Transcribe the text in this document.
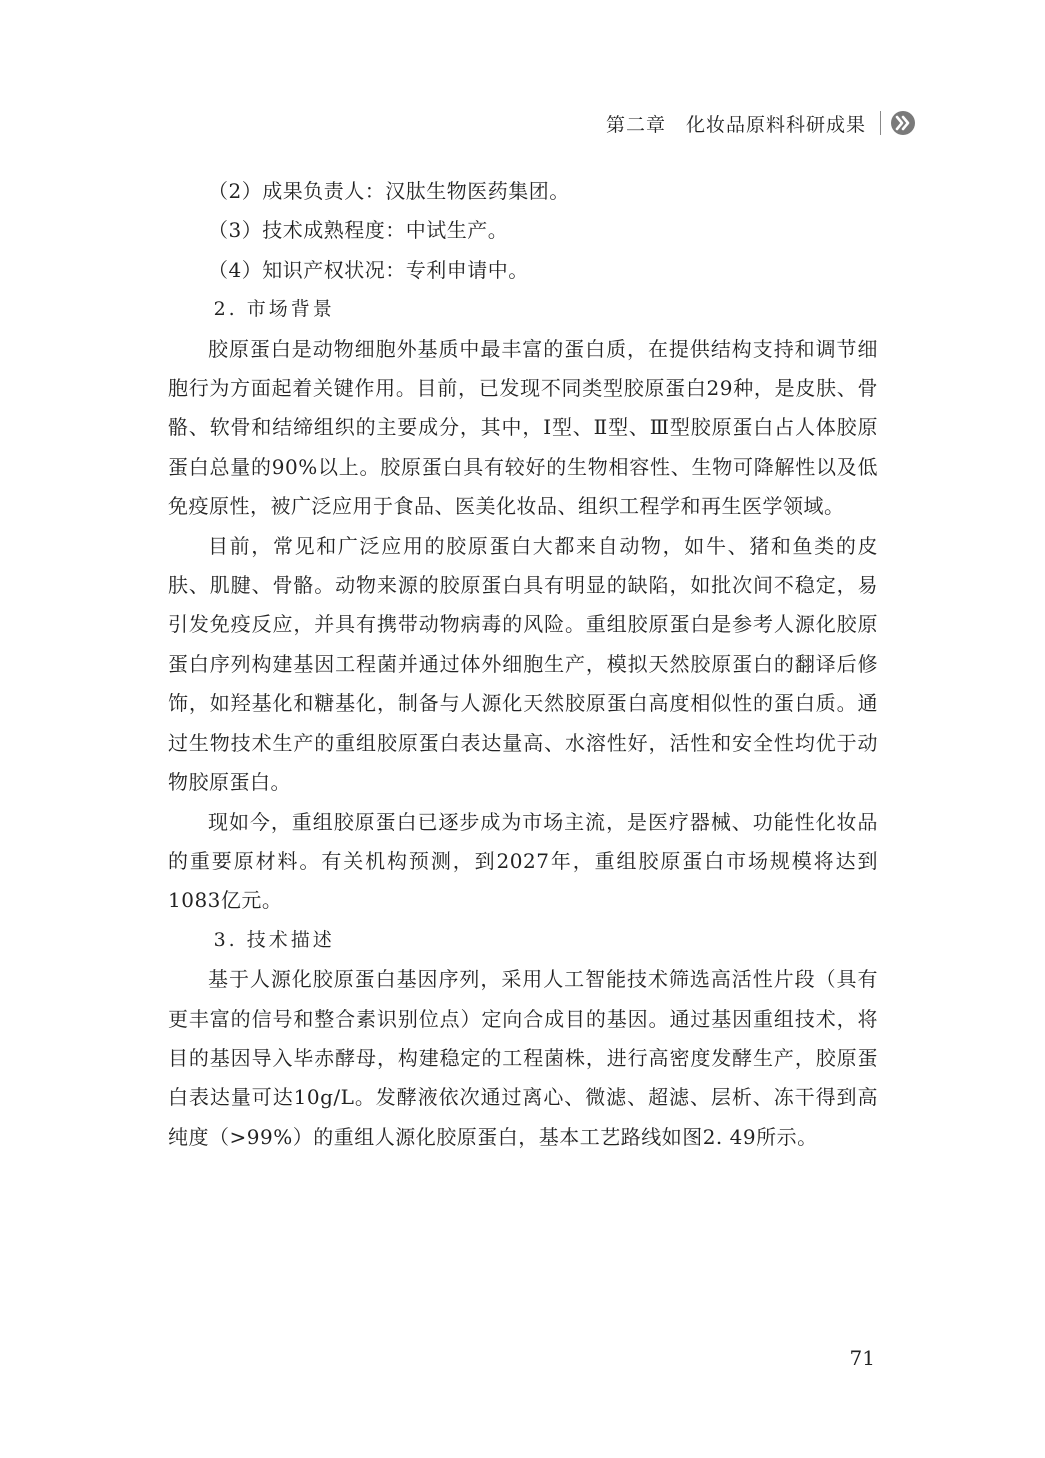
第二章　化妆品原料科研成果

（2）成果负责人：汉肽生物医药集团。

（3）技术成熟程度：中试生产。

（4）知识产权状况：专利申请中。

2. 市场背景

胶原蛋白是动物细胞外基质中最丰富的蛋白质，在提供结构支持和调节细胞行为方面起着关键作用。目前，已发现不同类型胶原蛋白29种，是皮肤、骨骼、软骨和结缔组织的主要成分，其中，Ⅰ型、Ⅱ型、Ⅲ型胶原蛋白占人体胶原蛋白总量的90%以上。胶原蛋白具有较好的生物相容性、生物可降解性以及低免疫原性，被广泛应用于食品、医美化妆品、组织工程学和再生医学领域。

目前，常见和广泛应用的胶原蛋白大都来自动物，如牛、猪和鱼类的皮肤、肌腱、骨骼。动物来源的胶原蛋白具有明显的缺陷，如批次间不稳定，易引发免疫反应，并具有携带动物病毒的风险。重组胶原蛋白是参考人源化胶原蛋白序列构建基因工程菌并通过体外细胞生产，模拟天然胶原蛋白的翻译后修饰，如羟基化和糖基化，制备与人源化天然胶原蛋白高度相似性的蛋白质。通过生物技术生产的重组胶原蛋白表达量高、水溶性好，活性和安全性均优于动物胶原蛋白。

现如今，重组胶原蛋白已逐步成为市场主流，是医疗器械、功能性化妆品的重要原材料。有关机构预测，到2027年，重组胶原蛋白市场规模将达到1083亿元。

3. 技术描述

基于人源化胶原蛋白基因序列，采用人工智能技术筛选高活性片段（具有更丰富的信号和整合素识别位点）定向合成目的基因。通过基因重组技术，将目的基因导入毕赤酵母，构建稳定的工程菌株，进行高密度发酵生产，胶原蛋白表达量可达10g/L。发酵液依次通过离心、微滤、超滤、层析、冻干得到高纯度（>99%）的重组人源化胶原蛋白，基本工艺路线如图2. 49所示。

71
